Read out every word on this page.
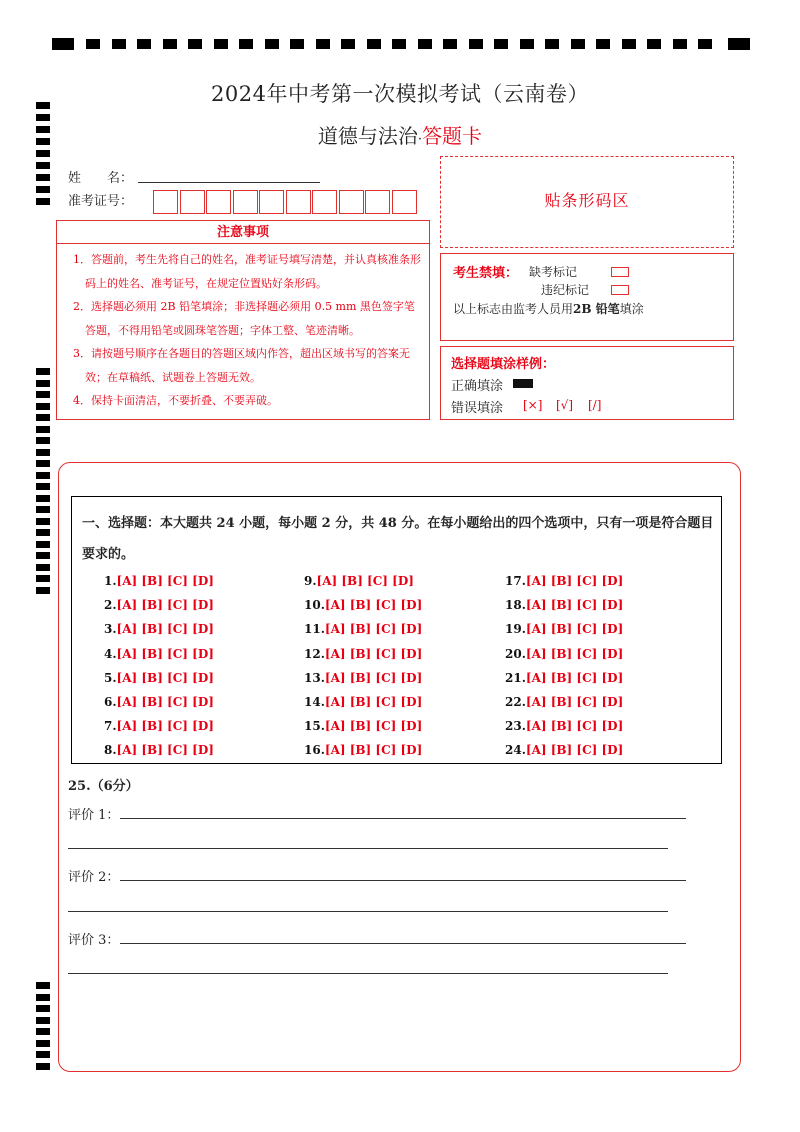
2024年中考第一次模拟考试（云南卷）
道德与法治·答题卡
姓　　名：
准考证号：
注意事项
1．答题前，考生先将自己的姓名，准考证号填写清楚，并认真核准条形码上的姓名、准考证号，在规定位置贴好条形码。
2．选择题必须用 2B 铅笔填涂；非选择题必须用 0.5 mm 黑色签字笔答题，不得用铅笔或圆珠笔答题；字体工整、笔迹清晰。
3．请按题号顺序在各题目的答题区域内作答，超出区域书写的答案无效；在草稿纸、试题卷上答题无效。
4．保持卡面清洁，不要折叠、不要弄破。
贴条形码区
考生禁填： 缺考标记
违纪标记
以上标志由监考人员用2B 铅笔填涂
选择题填涂样例：
正确填涂
错误填涂 [×] [√] [/]
一、选择题：本大题共 24 小题，每小题 2 分，共 48 分。在每小题给出的四个选项中，只有一项是符合题目要求的。
1.[A] [B] [C] [D]
2.[A] [B] [C] [D]
3.[A] [B] [C] [D]
4.[A] [B] [C] [D]
5.[A] [B] [C] [D]
6.[A] [B] [C] [D]
7.[A] [B] [C] [D]
8.[A] [B] [C] [D]
9.[A] [B] [C] [D]
10.[A] [B] [C] [D]
11.[A] [B] [C] [D]
12.[A] [B] [C] [D]
13.[A] [B] [C] [D]
14.[A] [B] [C] [D]
15.[A] [B] [C] [D]
16.[A] [B] [C] [D]
17.[A] [B] [C] [D]
18.[A] [B] [C] [D]
19.[A] [B] [C] [D]
20.[A] [B] [C] [D]
21.[A] [B] [C] [D]
22.[A] [B] [C] [D]
23.[A] [B] [C] [D]
24.[A] [B] [C] [D]
25.（6分）
评价 1：
评价 2：
评价 3：
